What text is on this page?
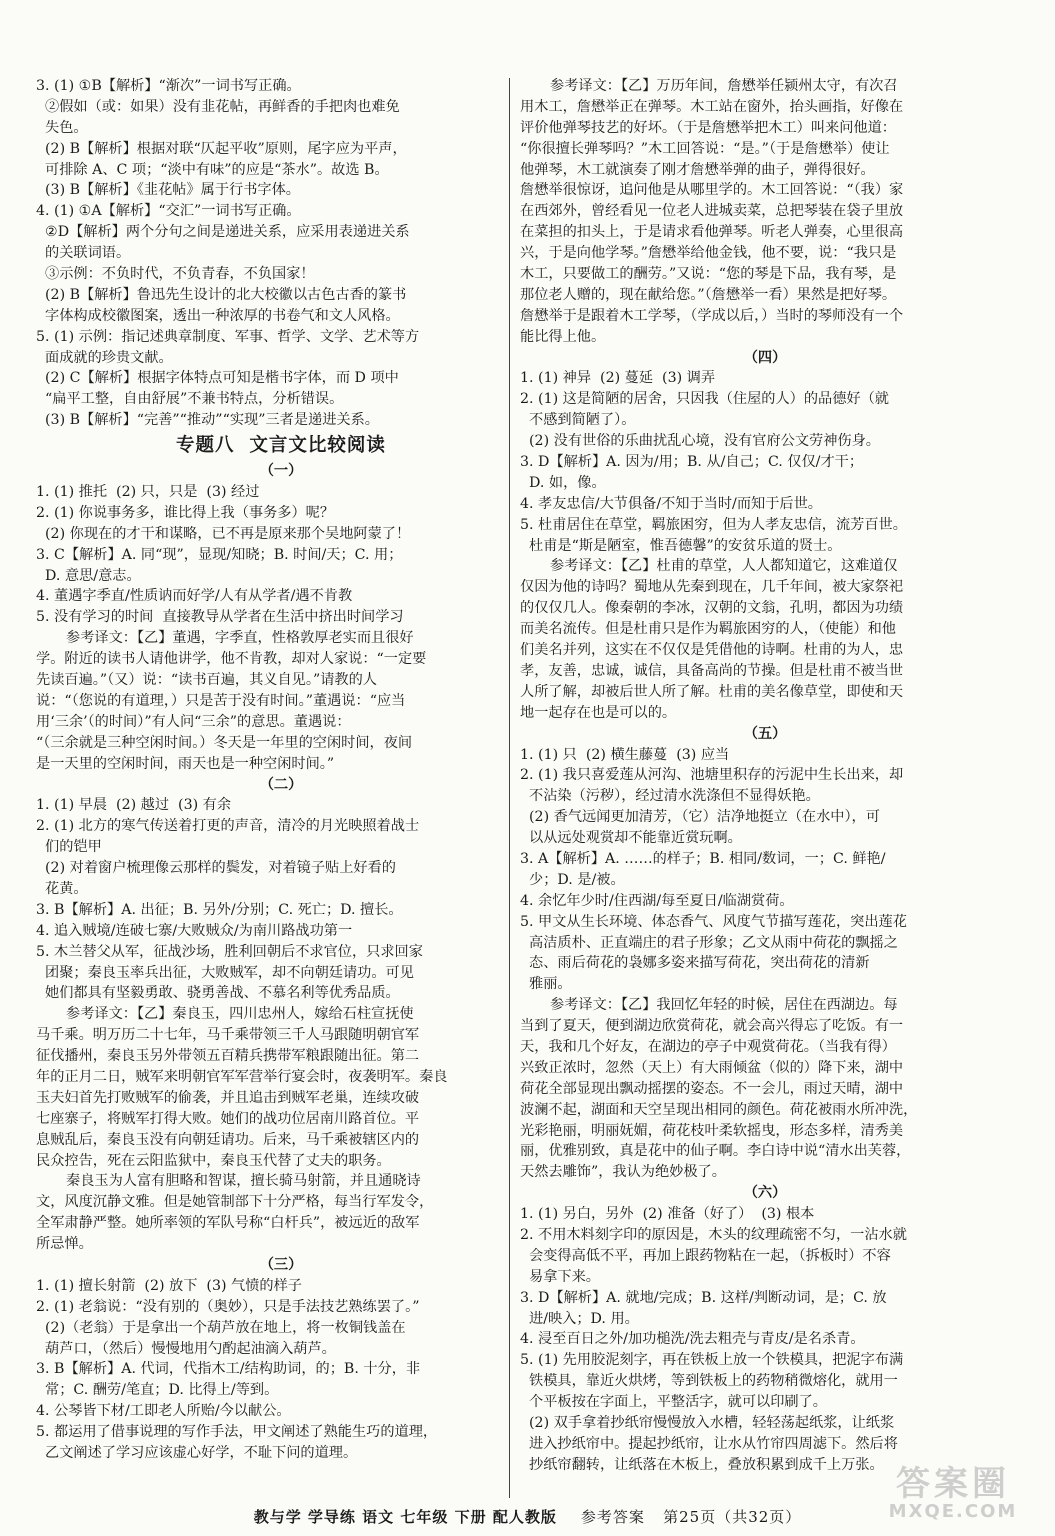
3. (1) ①B【解析】“渐次”一词书写正确。
②假如（或：如果）没有韭花帖，再鲜香的手把肉也难免
失色。
(2) B【解析】根据对联“仄起平收”原则，尾字应为平声，
可排除 A、C 项；“淡中有味”的应是“茶水”。故选 B。
(3) B【解析】《韭花帖》属于行书字体。
4. (1) ①A【解析】“交汇”一词书写正确。
②D【解析】两个分句之间是递进关系，应采用表递进关系
的关联词语。
③示例：不负时代，不负青春，不负国家！
(2) B【解析】鲁迅先生设计的北大校徽以古色古香的篆书
字体构成校徽图案，透出一种浓厚的书卷气和文人风格。
5. (1) 示例：指记述典章制度、军事、哲学、文学、艺术等方
面成就的珍贵文献。
(2) C【解析】根据字体特点可知是楷书字体，而 D 项中
“扁平工整，自由舒展”不兼书特点，分析错误。
(3) B【解析】“完善”“推动”“实现”三者是递进关系。
专题八  文言文比较阅读
（一）
1. (1) 推托  (2) 只，只是  (3) 经过
2. (1) 你说事务多，谁比得上我（事务多）呢？
(2) 你现在的才干和谋略，已不再是原来那个吴地阿蒙了！
3. C【解析】A. 同“现”，显现/知晓；B. 时间/天；C. 用；
D. 意思/意志。
4. 董遇字季直/性质讷而好学/人有从学者/遇不肯教
5. 没有学习的时间  直接教导从学者在生活中挤出时间学习
参考译文：【乙】董遇，字季直，性格敦厚老实而且很好
学。附近的读书人请他讲学，他不肯教，却对人家说：“一定要
先读百遍。”（又）说：“读书百遍，其义自见。”请教的人
说：“（您说的有道理，）只是苦于没有时间。”董遇说：“应当
用‘三余’（的时间）”有人问“三余”的意思。董遇说：
“（三余就是三种空闲时间。）冬天是一年里的空闲时间，夜间
是一天里的空闲时间，雨天也是一种空闲时间。”
（二）
1. (1) 早晨  (2) 越过  (3) 有余
2. (1) 北方的寒气传送着打更的声音，清冷的月光映照着战士
们的铠甲
(2) 对着窗户梳理像云那样的鬓发，对着镜子贴上好看的
花黄。
3. B【解析】A. 出征；B. 另外/分别；C. 死亡；D. 擅长。
4. 追入贼境/连破七寨/大败贼众/为南川路战功第一
5. 木兰替父从军，征战沙场，胜利回朝后不求官位，只求回家
团聚；秦良玉率兵出征，大败贼军，却不向朝廷请功。可见
她们都具有坚毅勇敢、骁勇善战、不慕名利等优秀品质。
参考译文：【乙】秦良玉，四川忠州人，嫁给石柱宣抚使
马千乘。明万历二十七年，马千乘带领三千人马跟随明朝官军
征伐播州，秦良玉另外带领五百精兵携带军粮跟随出征。第二
年的正月二日，贼军来明朝官军军营举行宴会时，夜袭明军。秦良
玉夫妇首先打败贼军的偷袭，并且追击到贼军老巢，连续攻破
七座寨子，将贼军打得大败。她们的战功位居南川路首位。平
息贼乱后，秦良玉没有向朝廷请功。后来，马千乘被辖区内的
民众控告，死在云阳监狱中，秦良玉代替了丈夫的职务。
秦良玉为人富有胆略和智谋，擅长骑马射箭，并且通晓诗
文，风度沉静文雅。但是她管制部下十分严格，每当行军发令，
全军肃静严整。她所率领的军队号称“白杆兵”，被远近的敌军
所忌惮。
（三）
1. (1) 擅长射箭  (2) 放下  (3) 气愤的样子
2. (1) 老翁说：“没有别的（奥妙），只是手法技艺熟练罢了。”
(2)（老翁）于是拿出一个葫芦放在地上，将一枚铜钱盖在
葫芦口，（然后）慢慢地用勺酌起油滴入葫芦。
3. B【解析】A. 代词，代指木工/结构助词，的；B. 十分，非
常；C. 酬劳/笔直；D. 比得上/等到。
4. 公琴皆下材/工即老人所贻/今以献公。
5. 都运用了借事说理的写作手法，甲文阐述了熟能生巧的道理，
乙文阐述了学习应该虚心好学，不耻下问的道理。
参考译文：【乙】万历年间，詹懋举任颍州太守，有次召
用木工，詹懋举正在弹琴。木工站在窗外，抬头画指，好像在
评价他弹琴技艺的好坏。（于是詹懋举把木工）叫来问他道：
“你很擅长弹琴吗？”木工回答说：“是。”（于是詹懋举）使让
他弹琴，木工就演奏了刚才詹懋举弹的曲子，弹得很好。
詹懋举很惊讶，追问他是从哪里学的。木工回答说：“（我）家
在西郊外，曾经看见一位老人进城卖菜，总把琴装在袋子里放
在菜担的扣头上，于是请求看他弹琴。听老人弹奏，心里很高
兴，于是向他学琴。”詹懋举给他金钱，他不要，说：“我只是
木工，只要做工的酬劳。”又说：“您的琴是下品，我有琴，是
那位老人赠的，现在献给您。”（詹懋举一看）果然是把好琴。
詹懋举于是跟着木工学琴，（学成以后，）当时的琴师没有一个
能比得上他。
（四）
1. (1) 神异  (2) 蔓延  (3) 调弄
2. (1) 这是简陋的居舍，只因我（住屋的人）的品德好（就
不感到简陋了）。
(2) 没有世俗的乐曲扰乱心境，没有官府公文劳神伤身。
3. D【解析】A. 因为/用；B. 从/自己；C. 仅仅/才干；
D. 如，像。
4. 孝友忠信/大节俱备/不知于当时/而知于后世。
5. 杜甫居住在草堂，羁旅困穷，但为人孝友忠信，流芳百世。
杜甫是“斯是陋室，惟吾德馨”的安贫乐道的贤士。
参考译文：【乙】杜甫的草堂，人人都知道它，这难道仅
仅因为他的诗吗？蜀地从先秦到现在，几千年间，被大家祭祀
的仅仅几人。像秦朝的李冰，汉朝的文翁，孔明，都因为功绩
而美名流传。但是杜甫只是作为羁旅困穷的人，（使能）和他
们美名并列，这实在不仅仅是凭借他的诗啊。杜甫的为人，忠
孝，友善，忠诚，诚信，具备高尚的节操。但是杜甫不被当世
人所了解，却被后世人所了解。杜甫的美名像草堂，即使和天
地一起存在也是可以的。
（五）
1. (1) 只  (2) 横生藤蔓  (3) 应当
2. (1) 我只喜爱莲从河沟、池塘里积存的污泥中生长出来，却
不沾染（污秽），经过清水洗涤但不显得妖艳。
(2) 香气远闻更加清芳，（它）洁净地挺立（在水中），可
以从远处观赏却不能靠近赏玩啊。
3. A【解析】A. ……的样子；B. 相同/数词，一；C. 鲜艳/
少；D. 是/被。
4. 余忆年少时/住西湖/每至夏日/临湖赏荷。
5. 甲文从生长环境、体态香气、风度气节描写莲花，突出莲花
高洁质朴、正直端庄的君子形象；乙文从雨中荷花的飘摇之
态、雨后荷花的袅娜多姿来描写荷花，突出荷花的清新
雅丽。
参考译文：【乙】我回忆年轻的时候，居住在西湖边。每
当到了夏天，便到湖边欣赏荷花，就会高兴得忘了吃饭。有一
天，我和几个好友，在湖边的亭子中观赏荷花。（当我有得）
兴致正浓时，忽然（天上）有大雨倾盆（似的）降下来，湖中
荷花全部显现出飘动摇摆的姿态。不一会儿，雨过天晴，湖中
波澜不起，湖面和天空呈现出相同的颜色。荷花被雨水所冲洗，
光彩艳丽，明丽妩媚，荷花枝叶柔软摇曳，形态多样，清秀美
丽，优雅别致，真是花中的仙子啊。李白诗中说“清水出芙蓉，
天然去雕饰”，我认为绝妙极了。
（六）
1. (1) 另白，另外  (2) 准备（好了）  (3) 根本
2. 不用木料刻字印的原因是，木头的纹理疏密不匀，一沾水就
会变得高低不平，再加上跟药物粘在一起，（拆板时）不容
易拿下来。
3. D【解析】A. 就地/完成；B. 这样/判断动词，是；C. 放
进/映入；D. 用。
4. 浸至百日之外/加功槌洗/洗去粗壳与青皮/是名杀青。
5. (1) 先用胶泥刻字，再在铁板上放一个铁模具，把泥字布满
铁模具，靠近火烘烤，等到铁板上的药物稍微熔化，就用一
个平板按在字面上，平整活字，就可以印刷了。
(2) 双手拿着抄纸帘慢慢放入水槽，轻轻荡起纸浆，让纸浆
进入抄纸帘中。提起抄纸帘，让水从竹帘四周滤下。然后将
抄纸帘翻转，让纸落在木板上，叠放积累到成千上万张。
教与学 学导练 语文 七年级 下册 配人教版 参考答案 第25页（共32页）
答案圈
MXQE.COM
